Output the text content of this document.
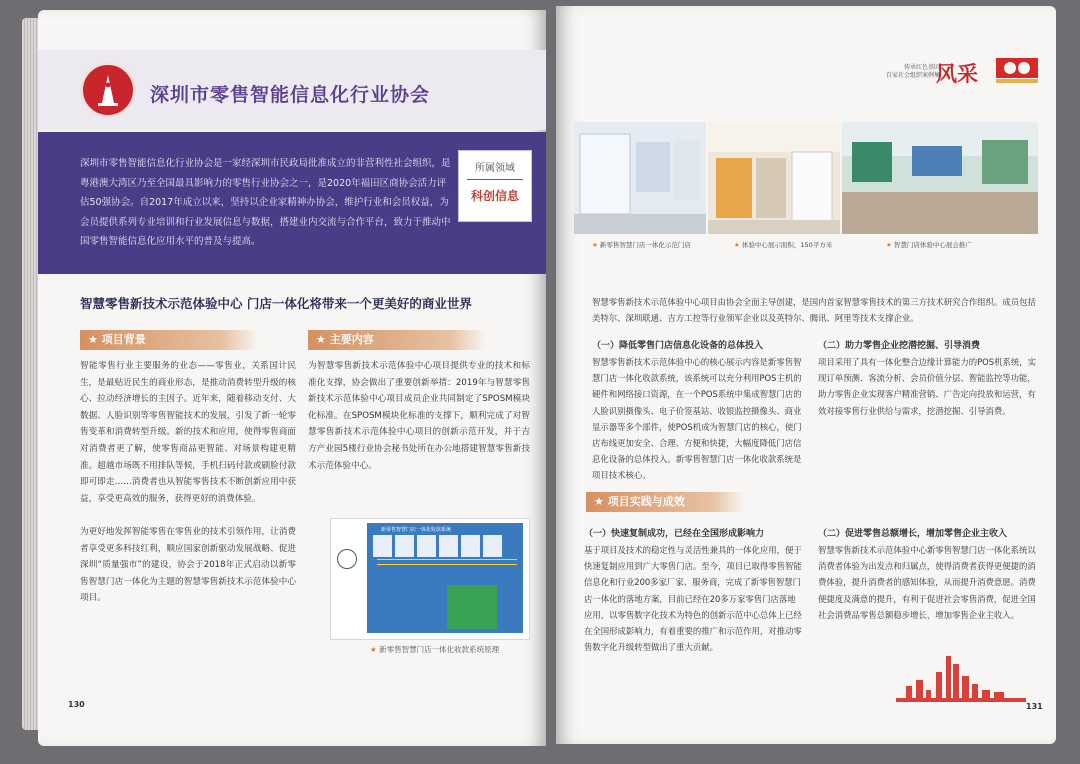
深圳市零售智能信息化行业协会
深圳市零售智能信息化行业协会是一家经深圳市民政局批准成立的非营利性社会组织，是粤港澳大湾区乃至全国最具影响力的零售行业协会之一，是2020年福田区商协会活力评估50强协会。自2017年成立以来，坚持以企业家精神办协会，维护行业和会员权益，为会员提供系列专业培训和行业发展信息与数据，搭建业内交流与合作平台，致力于推动中国零售智能信息化应用水平的普及与提高。
所属领域
科创信息
智慧零售新技术示范体验中心 门店一体化将带来一个更美好的商业世界
★ 项目背景	★ 主要内容
智能零售行业主要服务的业态——零售业，关系国计民生，是最贴近民生的商业形态，是推动消费转型升级的核心、拉动经济增长的主因子。近年来，随着移动支付、大数据、人脸识别等零售智能技术的发展，引发了新一轮零售变革和消费转型升级。新的技术和应用，使得零售商面对消费者更了解，使零售商品更智能、对场景构建更精准。超越市场既不用排队等候，手机扫码付款或刷脸付款即可即走……消费者也从智能零售技术不断创新应用中获益，享受更高效的服务，获得更好的消费体验。
为更好地发挥智能零售在零售业的技术引领作用，让消费者享受更多科技红利，顺应国家创新驱动发展战略、促进深圳“质量强市”的建设，协会于2018年正式启动以新零售智慧门店一体化为主题的智慧零售新技术示范体验中心项目。
为智慧零售新技术示范体验中心项目提供专业的技术和标准化支撑，协会做出了重要创新举措：2019年与智慧零售新技术示范体验中心项目成员企业共同制定了SPOSM模块化标准。在SPOSM模块化标准的支撑下，顺利完成了对智慧零售新技术示范体验中心项目的创新示范开发，并于吉方产业园5楼行业协会秘书处所在办公地搭建智慧零售新技术示范体验中心。
新零售智慧门店一体化收款系统
★ 新零售智慧门店一体化收款系统原理
130
传承红色基因
百家社会组织案例集
风采
★ 新零售智慧门店一体化示范门店	★ 体验中心展示面积，150平方米	★ 智慧门店体验中心展会推广
智慧零售新技术示范体验中心项目由协会全面主导创建，是国内首家智慧零售技术的第三方技术研究合作组织。成员包括美特尔、深圳联通、吉方工控等行业领军企业以及英特尔、腾讯、阿里等技术支撑企业。
（一）降低零售门店信息化设备的总体投入
智慧零售新技术示范体验中心的核心展示内容是新零售智慧门店一体化收款系统，该系统可以充分利用POS主机的硬件和网络接口资源，在一个POS系统中集成智慧门店的人脸识别摄像头、电子价签基站、收银监控摄像头、商业显示器等多个部件，使POS机成为智慧门店的核心，使门店布线更加安全、合理、方便和快捷，大幅度降低门店信息化设备的总体投入。新零售智慧门店一体化收款系统是项目技术核心。
（二）助力零售企业挖潜挖掘、引导消费
项目采用了具有一体化整合边缘计算能力的POS机系统，实现订单预测、客流分析、会员价值分层、智能监控等功能，助力零售企业实现客户精准营销、广告定向投放和运营，有效对接零售行业供给与需求，挖潜挖掘、引导消费。
★ 项目实践与成效
（一）快速复制成功，已经在全国形成影响力
基于项目及技术的稳定性与灵活性兼具的一体化应用，便于快速复制应用到广大零售门店。至今，项目已取得零售智能信息化和行业200多家厂家、服务商，完成了新零售智慧门店一体化的落地方案，目前已经在20多万家零售门店落地应用，以零售数字化技术为特色的创新示范中心总体上已经在全国形成影响力，有着重要的推广和示范作用，对推动零售数字化升级转型做出了重大贡献。
（二）促进零售总额增长，增加零售企业主收入
智慧零售新技术示范体验中心新零售智慧门店一体化系统以消费者体验为出发点和归属点，使得消费者获得更便捷的消费体验，提升消费者的感知体验，从而提升消费意愿。消费便捷度及满意的提升，有利于促进社会零售消费，促进全国社会消费品零售总额稳步增长，增加零售企业主收入。
131
